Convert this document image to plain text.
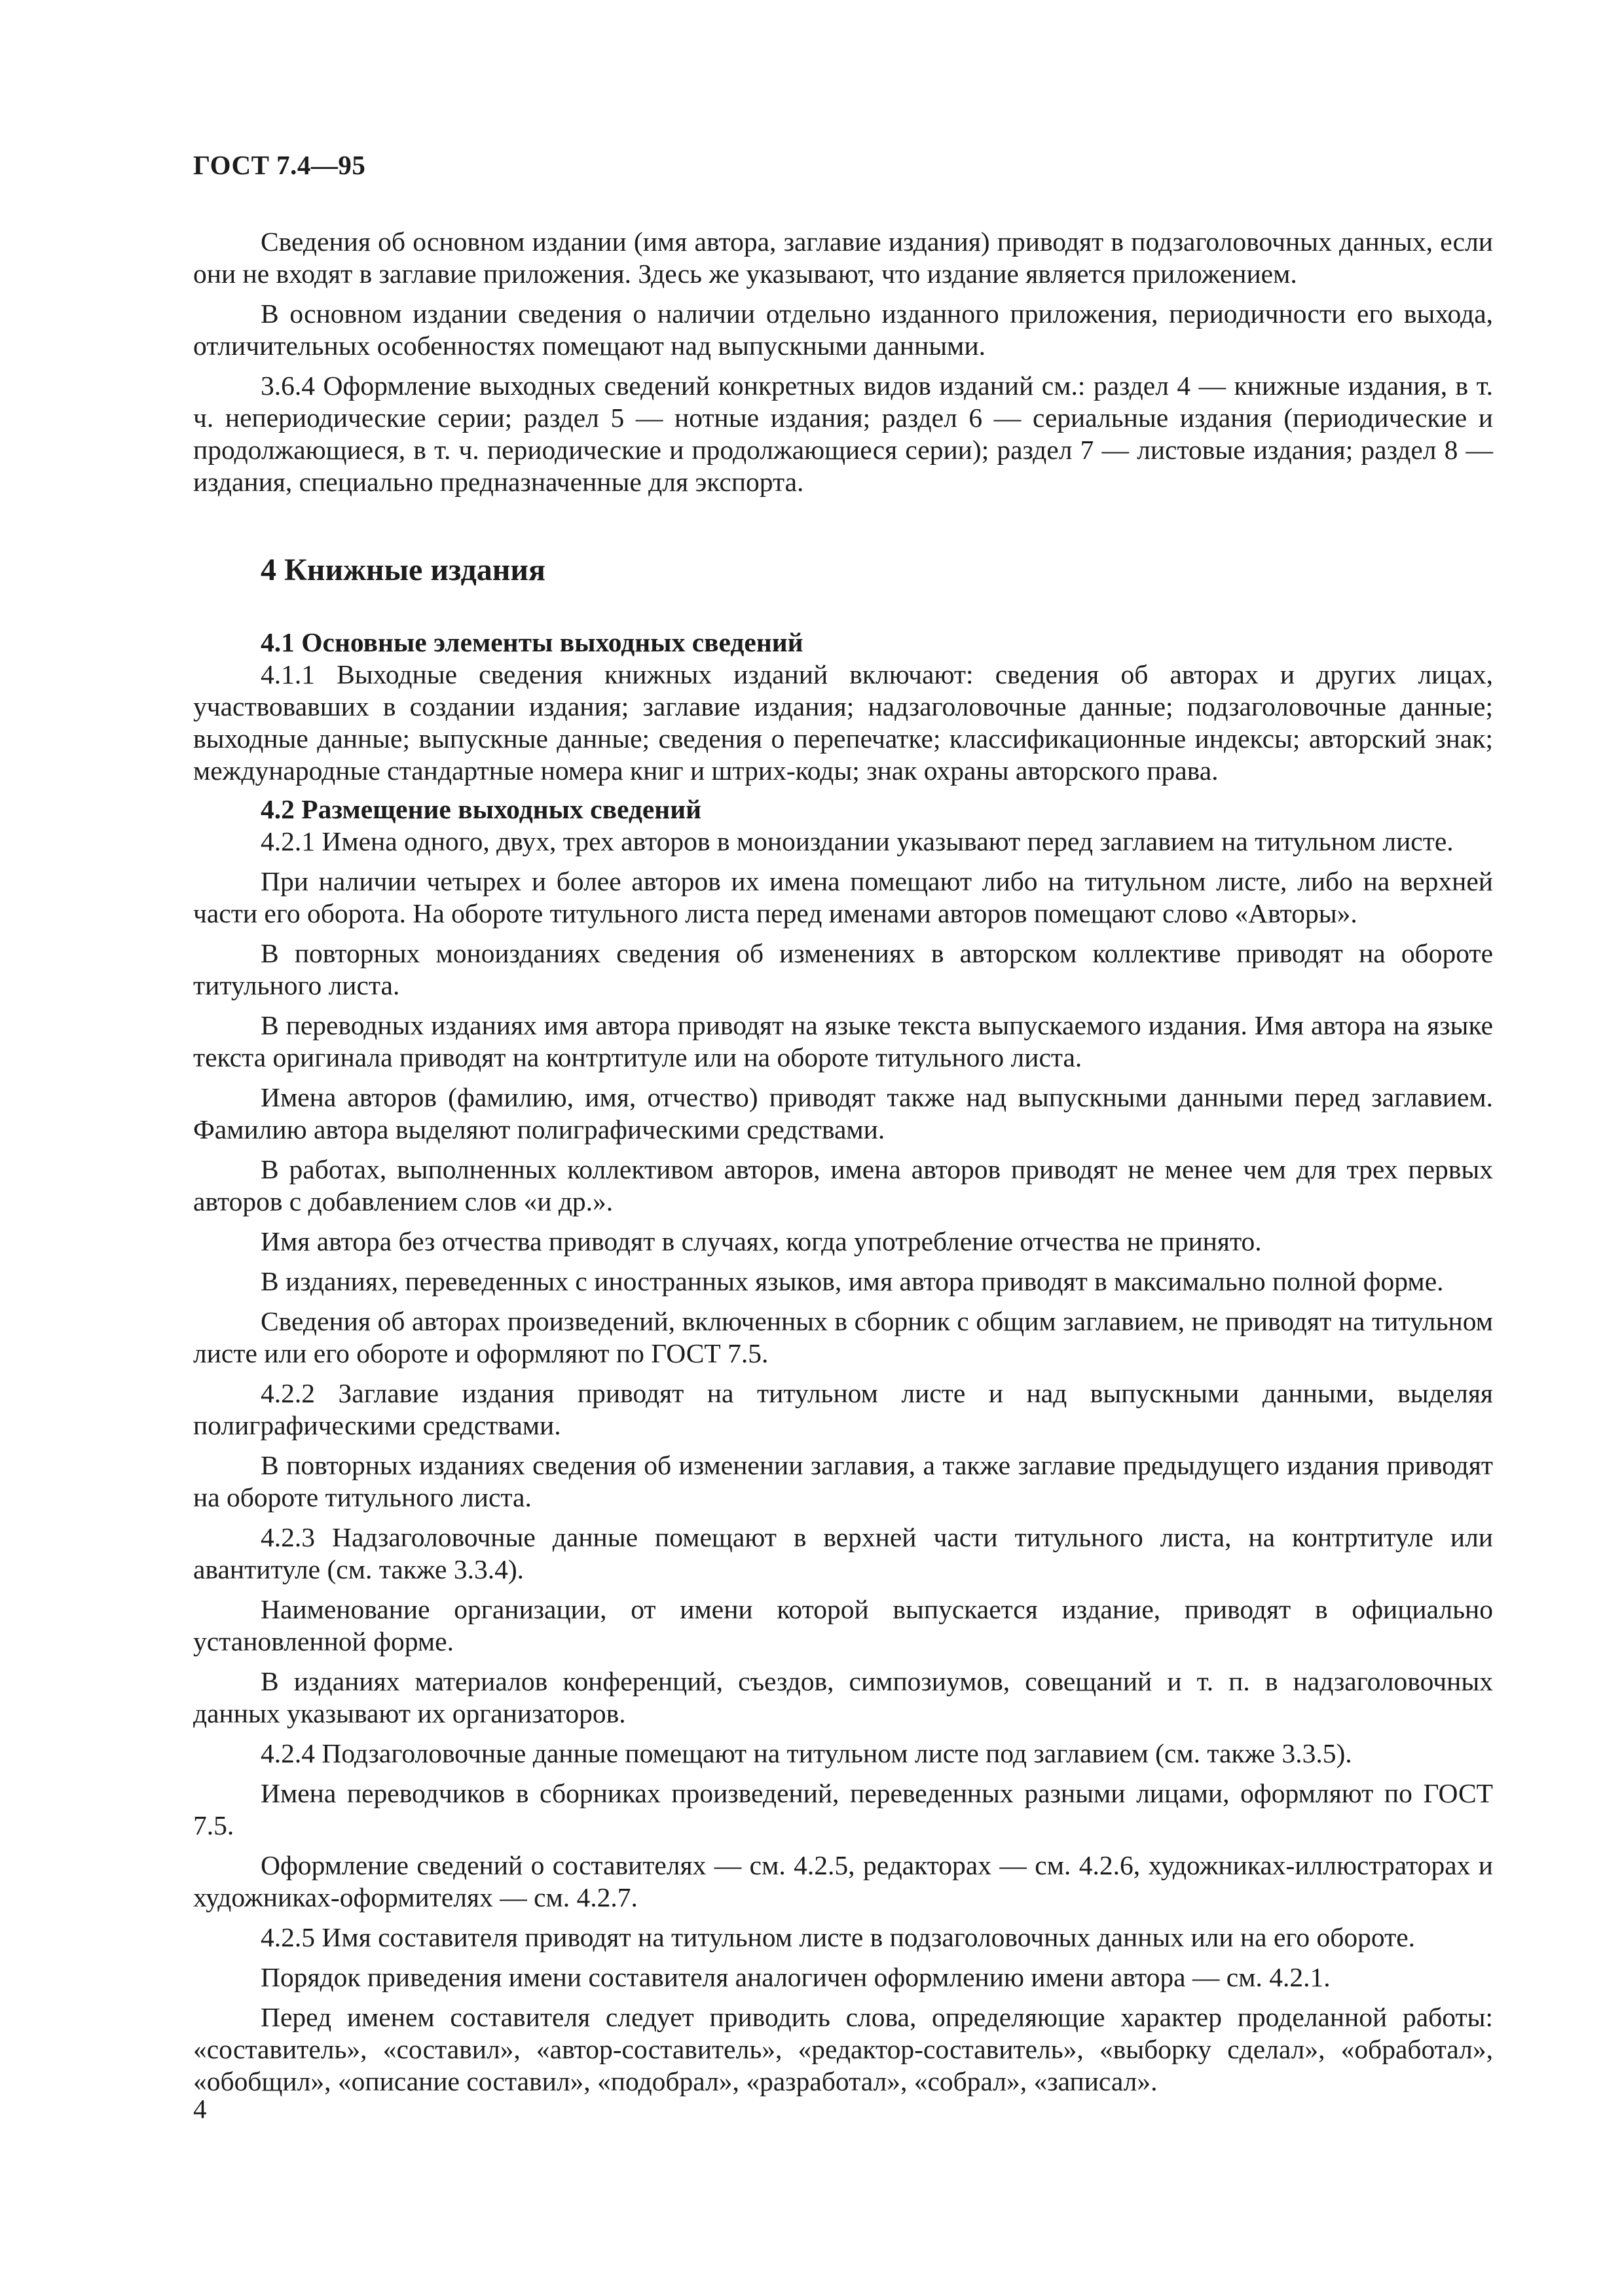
ГОСТ 7.4—95

Сведения об основном издании (имя автора, заглавие издания) приводят в подзаголовочных данных, если они не входят в заглавие приложения. Здесь же указывают, что издание является приложением.

В основном издании сведения о наличии отдельно изданного приложения, периодичности его выхода, отличительных особенностях помещают над выпускными данными.

3.6.4 Оформление выходных сведений конкретных видов изданий см.: раздел 4 — книжные издания, в т. ч. непериодические серии; раздел 5 — нотные издания; раздел 6 — сериальные издания (периодические и продолжающиеся, в т. ч. периодические и продолжающиеся серии); раздел 7 — листовые издания; раздел 8 — издания, специально предназначенные для экспорта.

4 Книжные издания
4.1 Основные элементы выходных сведений

4.1.1 Выходные сведения книжных изданий включают: сведения об авторах и других лицах, участвовавших в создании издания; заглавие издания; надзаголовочные данные; подзаголовочные данные; выходные данные; выпускные данные; сведения о перепечатке; классификационные индексы; авторский знак; международные стандартные номера книг и штрих-коды; знак охраны авторского права.

4.2 Размещение выходных сведений

4.2.1 Имена одного, двух, трех авторов в моноиздании указывают перед заглавием на титульном листе.

При наличии четырех и более авторов их имена помещают либо на титульном листе, либо на верхней части его оборота. На обороте титульного листа перед именами авторов помещают слово «Авторы».

В повторных моноизданиях сведения об изменениях в авторском коллективе приводят на обороте титульного листа.

В переводных изданиях имя автора приводят на языке текста выпускаемого издания. Имя автора на языке текста оригинала приводят на контртитуле или на обороте титульного листа.

Имена авторов (фамилию, имя, отчество) приводят также над выпускными данными перед заглавием. Фамилию автора выделяют полиграфическими средствами.

В работах, выполненных коллективом авторов, имена авторов приводят не менее чем для трех первых авторов с добавлением слов «и др.».

Имя автора без отчества приводят в случаях, когда употребление отчества не принято.

В изданиях, переведенных с иностранных языков, имя автора приводят в максимально полной форме.

Сведения об авторах произведений, включенных в сборник с общим заглавием, не приводят на титульном листе или его обороте и оформляют по ГОСТ 7.5.

4.2.2 Заглавие издания приводят на титульном листе и над выпускными данными, выделяя полиграфическими средствами.

В повторных изданиях сведения об изменении заглавия, а также заглавие предыдущего издания приводят на обороте титульного листа.

4.2.3 Надзаголовочные данные помещают в верхней части титульного листа, на контртитуле или авантитуле (см. также 3.3.4).

Наименование организации, от имени которой выпускается издание, приводят в официально установленной форме.

В изданиях материалов конференций, съездов, симпозиумов, совещаний и т. п. в надзаголовочных данных указывают их организаторов.

4.2.4 Подзаголовочные данные помещают на титульном листе под заглавием (см. также 3.3.5).

Имена переводчиков в сборниках произведений, переведенных разными лицами, оформляют по ГОСТ 7.5.

Оформление сведений о составителях — см. 4.2.5, редакторах — см. 4.2.6, художниках-иллюстраторах и художниках-оформителях — см. 4.2.7.

4.2.5 Имя составителя приводят на титульном листе в подзаголовочных данных или на его обороте.

Порядок приведения имени составителя аналогичен оформлению имени автора — см. 4.2.1.

Перед именем составителя следует приводить слова, определяющие характер проделанной работы: «составитель», «составил», «автор-составитель», «редактор-составитель», «выборку сделал», «обработал», «обобщил», «описание составил», «подобрал», «разработал», «собрал», «записал».

4
